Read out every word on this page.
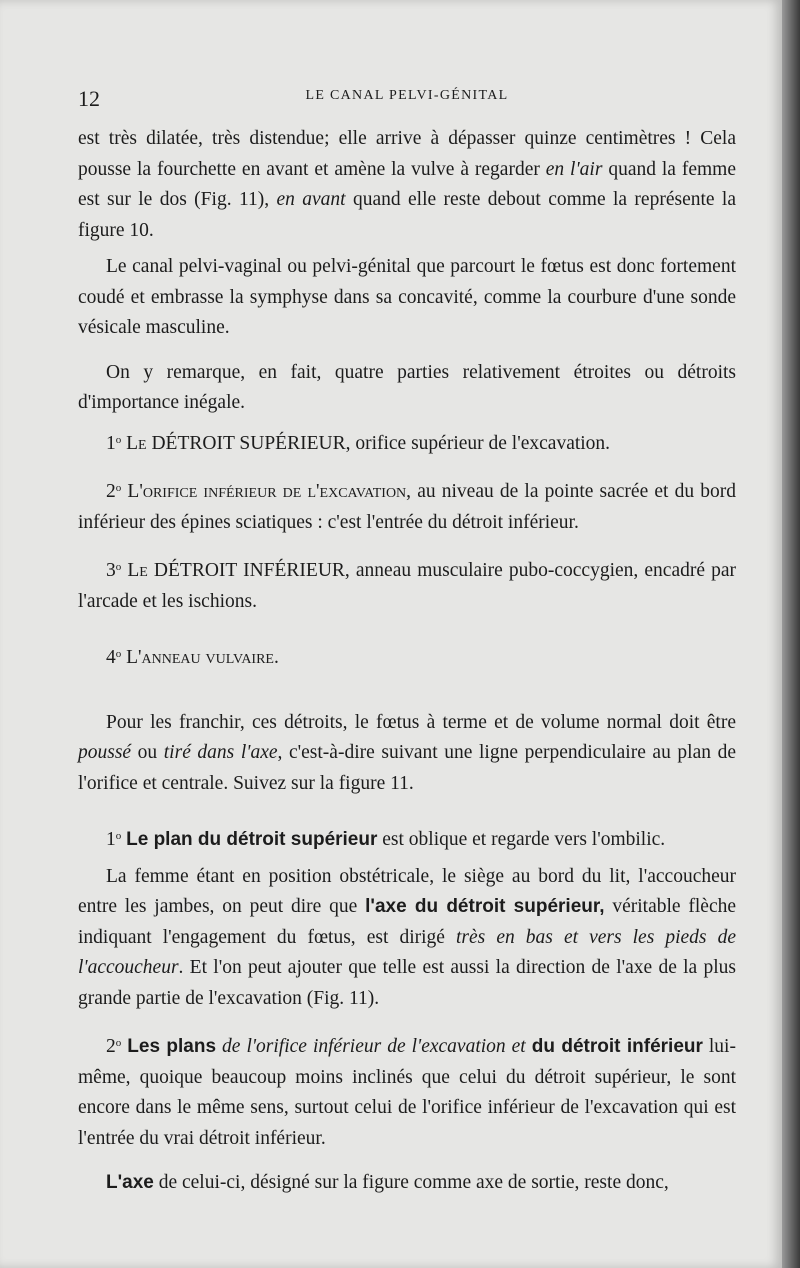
12	LE CANAL PELVI-GÉNITAL

est très dilatée, très distendue; elle arrive à dépasser quinze centimètres ! Cela pousse la fourchette en avant et amène la vulve à regarder en l'air quand la femme est sur le dos (Fig. 11), en avant quand elle reste debout comme la représente la figure 10.

Le canal pelvi-vaginal ou pelvi-génital que parcourt le fœtus est donc fortement coudé et embrasse la symphyse dans sa concavité, comme la courbure d'une sonde vésicale masculine.

On y remarque, en fait, quatre parties relativement étroites ou détroits d'importance inégale.

1$^o$ Le DÉTROIT SUPÉRIEUR, orifice supérieur de l'excavation.

2$^o$ L'orifice inférieur de l'excavation, au niveau de la pointe sacrée et du bord inférieur des épines sciatiques : c'est l'entrée du détroit inférieur.

3$^o$ Le DÉTROIT INFÉRIEUR, anneau musculaire pubo-coccygien, encadré par l'arcade et les ischions.

4$^o$ L'anneau vulvaire.

Pour les franchir, ces détroits, le fœtus à terme et de volume normal doit être poussé ou tiré dans l'axe, c'est-à-dire suivant une ligne perpendiculaire au plan de l'orifice et centrale. Suivez sur la figure 11.

1$^o$ Le plan du détroit supérieur est oblique et regarde vers l'ombilic.

La femme étant en position obstétricale, le siège au bord du lit, l'accoucheur entre les jambes, on peut dire que l'axe du détroit supérieur, véritable flèche indiquant l'engagement du fœtus, est dirigé très en bas et vers les pieds de l'accoucheur. Et l'on peut ajouter que telle est aussi la direction de l'axe de la plus grande partie de l'excavation (Fig. 11).

2$^o$ Les plans de l'orifice inférieur de l'excavation et du détroit inférieur lui-même, quoique beaucoup moins inclinés que celui du détroit supérieur, le sont encore dans le même sens, surtout celui de l'orifice inférieur de l'excavation qui est l'entrée du vrai détroit inférieur.

L'axe de celui-ci, désigné sur la figure comme axe de sortie, reste donc,
